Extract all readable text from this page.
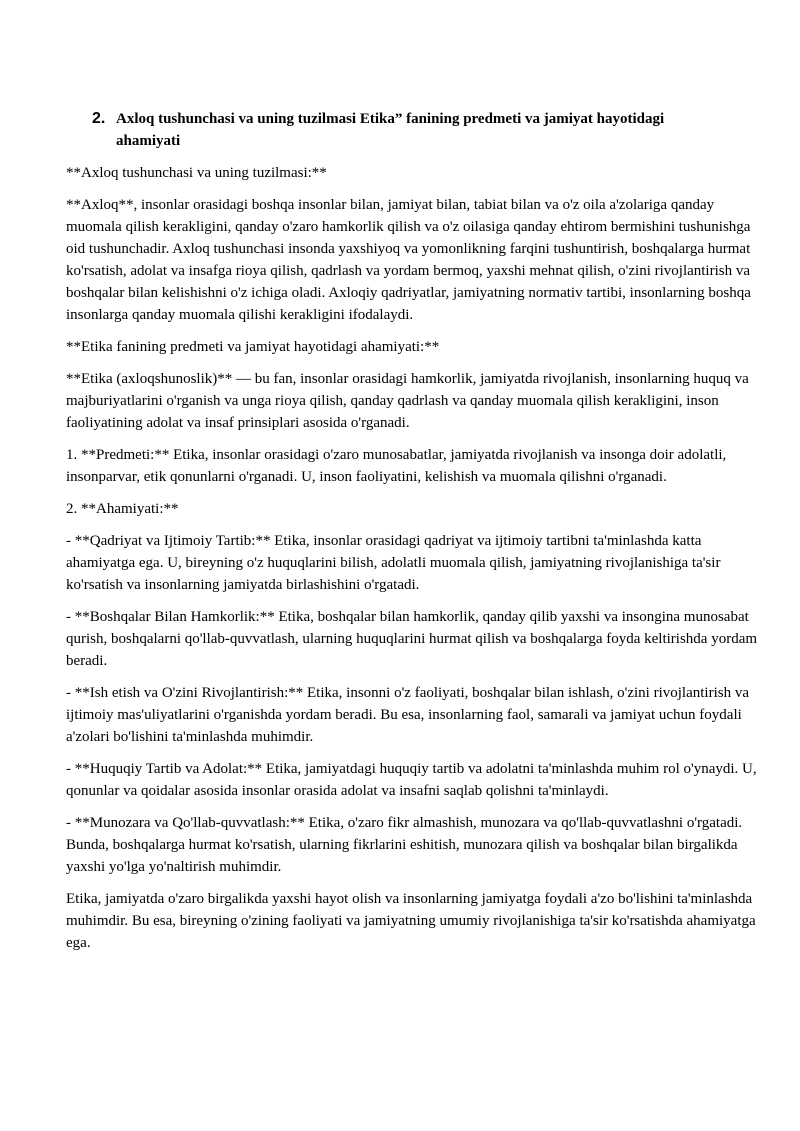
2. Axloq tushunchasi va uning tuzilmasi Etika” fanining predmeti va jamiyat hayotidagi ahamiyati

**Axloq tushunchasi va uning tuzilmasi:**

**Axloq**, insonlar orasidagi boshqa insonlar bilan, jamiyat bilan, tabiat bilan va o'z oila a'zolariga qanday muomala qilish kerakligini, qanday o'zaro hamkorlik qilish va o'z oilasiga qanday ehtirom bermishini tushunishga oid tushunchadir. Axloq tushunchasi insonda yaxshiyoq va yomonlikning farqini tushuntirish, boshqalarga hurmat ko'rsatish, adolat va insafga rioya qilish, qadrlash va yordam bermoq, yaxshi mehnat qilish, o'zini rivojlantirish va boshqalar bilan kelishishni o'z ichiga oladi. Axloqiy qadriyatlar, jamiyatning normativ tartibi, insonlarning boshqa insonlarga qanday muomala qilishi kerakligini ifodalaydi.

**Etika fanining predmeti va jamiyat hayotidagi ahamiyati:**

**Etika (axloqshunoslik)** — bu fan, insonlar orasidagi hamkorlik, jamiyatda rivojlanish, insonlarning huquq va majburiyatlarini o'rganish va unga rioya qilish, qanday qadrlash va qanday muomala qilish kerakligini, inson faoliyatining adolat va insaf prinsiplari asosida o'rganadi.

1. **Predmeti:** Etika, insonlar orasidagi o'zaro munosabatlar, jamiyatda rivojlanish va insonga doir adolatli, insonparvar, etik qonunlarni o'rganadi. U, inson faoliyatini, kelishish va muomala qilishni o'rganadi.

2. **Ahamiyati:**

- **Qadriyat va Ijtimoiy Tartib:** Etika, insonlar orasidagi qadriyat va ijtimoiy tartibni ta'minlashda katta ahamiyatga ega. U, bireyning o'z huquqlarini bilish, adolatli muomala qilish, jamiyatning rivojlanishiga ta'sir ko'rsatish va insonlarning jamiyatda birlashishini o'rgatadi.

- **Boshqalar Bilan Hamkorlik:** Etika, boshqalar bilan hamkorlik, qanday qilib yaxshi va insongina munosabat qurish, boshqalarni qo'llab-quvvatlash, ularning huquqlarini hurmat qilish va boshqalarga foyda keltirishda yordam beradi.

- **Ish etish va O'zini Rivojlantirish:** Etika, insonni o'z faoliyati, boshqalar bilan ishlash, o'zini rivojlantirish va ijtimoiy mas'uliyatlarini o'rganishda yordam beradi. Bu esa, insonlarning faol, samarali va jamiyat uchun foydali a'zolari bo'lishini ta'minlashda muhimdir.

- **Huquqiy Tartib va Adolat:** Etika, jamiyatdagi huquqiy tartib va adolatni ta'minlashda muhim rol o'ynaydi. U, qonunlar va qoidalar asosida insonlar orasida adolat va insafni saqlab qolishni ta'minlaydi.

- **Munozara va Qo'llab-quvvatlash:** Etika, o'zaro fikr almashish, munozara va qo'llab-quvvatlashni o'rgatadi. Bunda, boshqalarga hurmat ko'rsatish, ularning fikrlarini eshitish, munozara qilish va boshqalar bilan birgalikda yaxshi yo'lga yo'naltirish muhimdir.

Etika, jamiyatda o'zaro birgalikda yaxshi hayot olish va insonlarning jamiyatga foydali a'zo bo'lishini ta'minlashda muhimdir. Bu esa, bireyning o'zining faoliyati va jamiyatning umumiy rivojlanishiga ta'sir ko'rsatishda ahamiyatga ega.
